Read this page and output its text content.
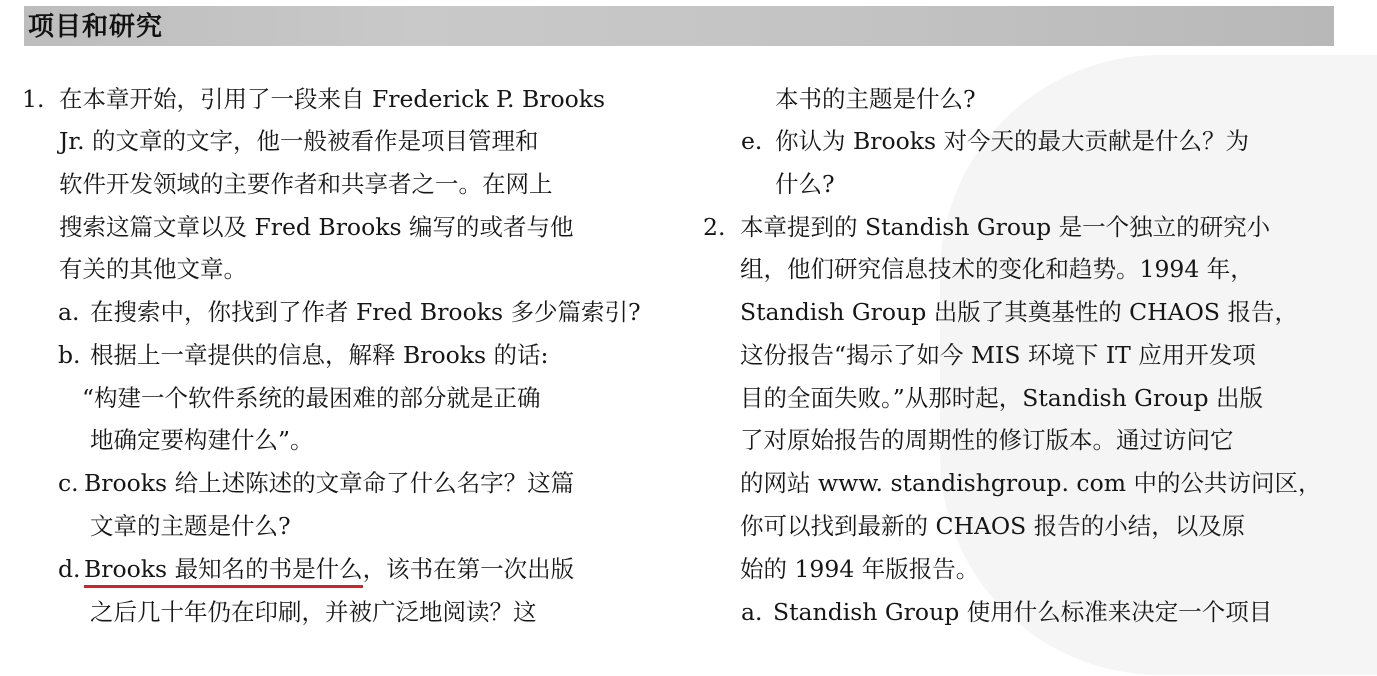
项目和研究
1. 在本章开始，引用了一段来自 Frederick P. Brooks
Jr. 的文章的文字，他一般被看作是项目管理和
软件开发领域的主要作者和共享者之一。在网上
搜索这篇文章以及 Fred Brooks 编写的或者与他
有关的其他文章。
a. 在搜索中，你找到了作者 Fred Brooks 多少篇索引?
b. 根据上一章提供的信息，解释 Brooks 的话:
“构建一个软件系统的最困难的部分就是正确
地确定要构建什么”。
c. Brooks 给上述陈述的文章命了什么名字？这篇
文章的主题是什么?
d. Brooks 最知名的书是什么，该书在第一次出版
之后几十年仍在印刷，并被广泛地阅读？这
本书的主题是什么?
e. 你认为 Brooks 对今天的最大贡献是什么？为
什么?
2. 本章提到的 Standish Group 是一个独立的研究小
组，他们研究信息技术的变化和趋势。1994 年，
Standish Group 出版了其奠基性的 CHAOS 报告，
这份报告“揭示了如今 MIS 环境下 IT 应用开发项
目的全面失败。”从那时起，Standish Group 出版
了对原始报告的周期性的修订版本。通过访问它
的网站 www. standishgroup. com 中的公共访问区，
你可以找到最新的 CHAOS 报告的小结，以及原
始的 1994 年版报告。
a. Standish Group 使用什么标准来决定一个项目
